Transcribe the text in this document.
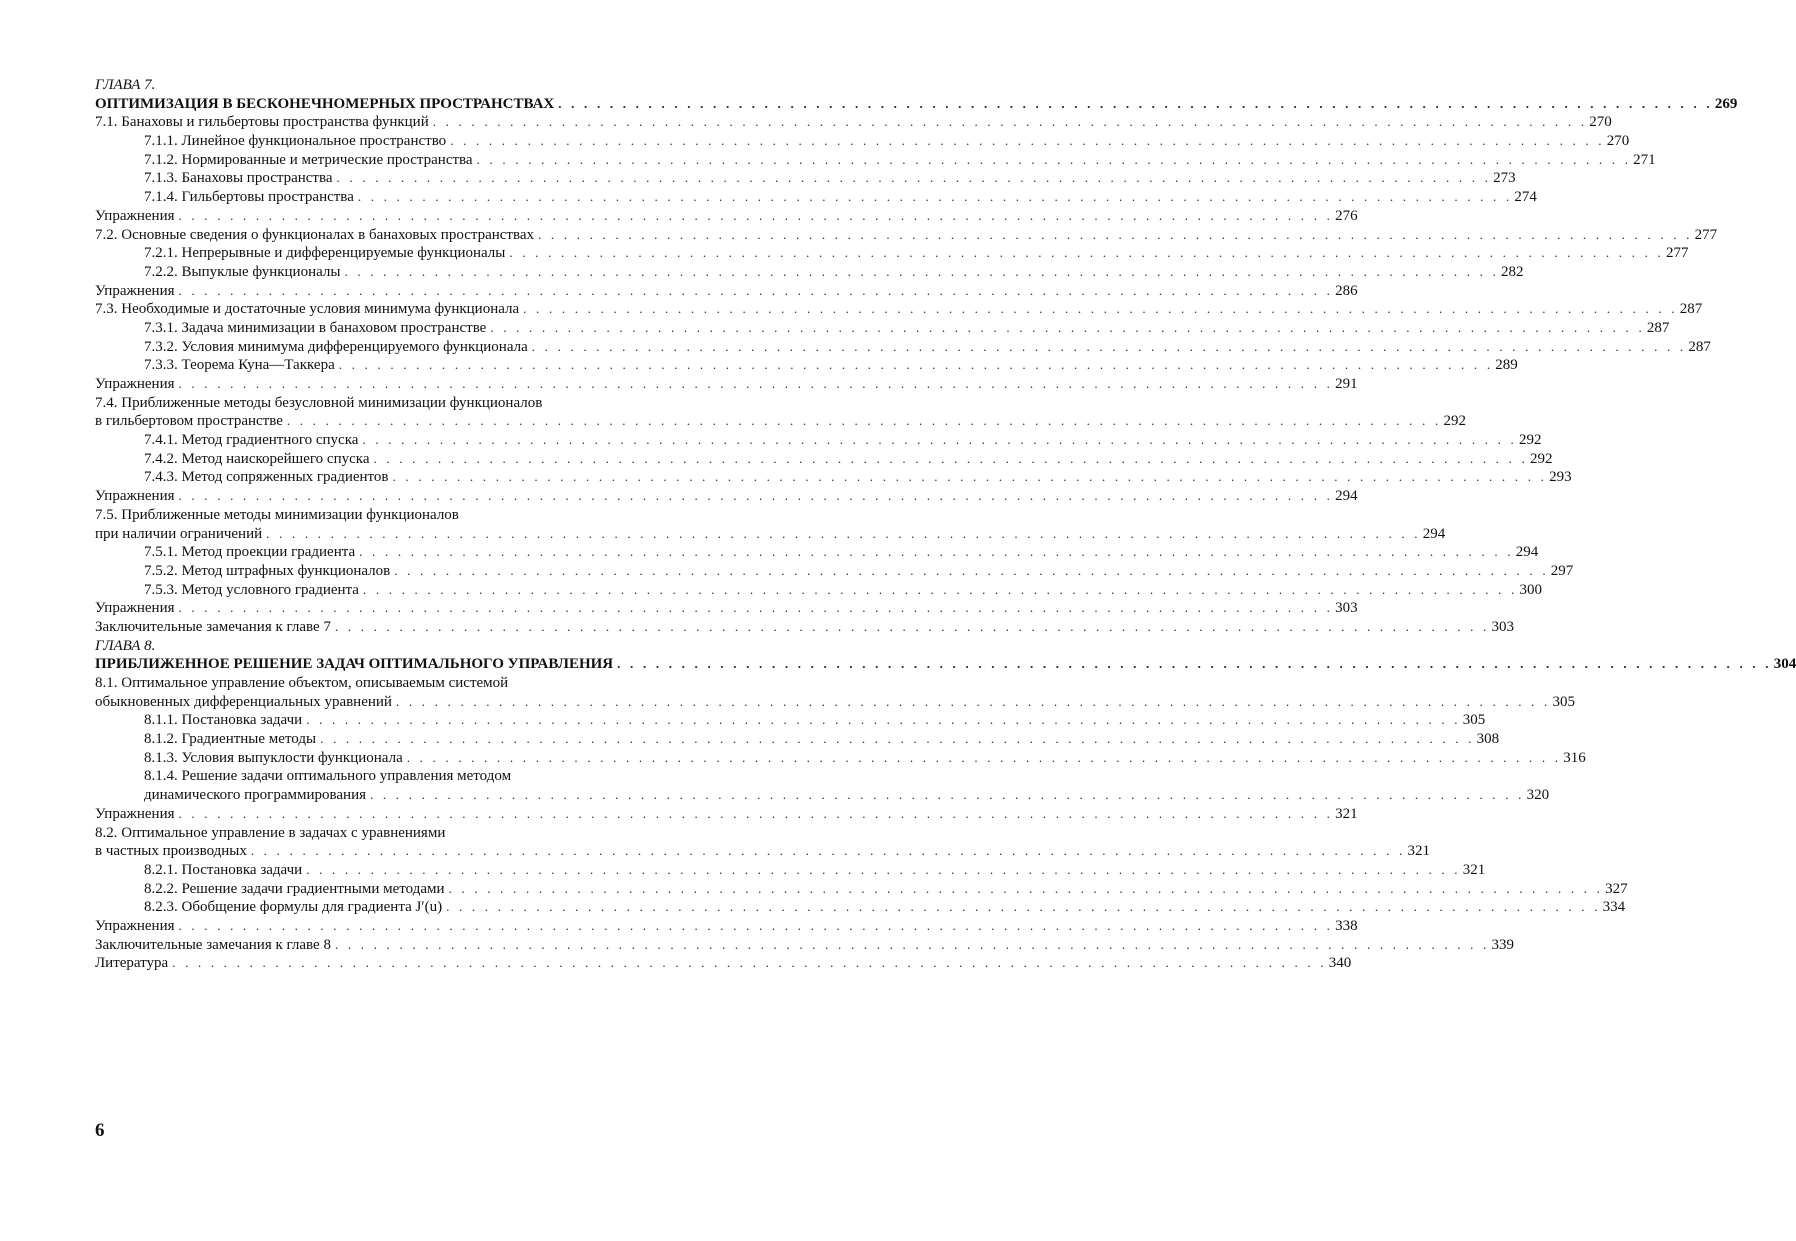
ГЛАВА 7.
ОПТИМИЗАЦИЯ В БЕСКОНЕЧНОМЕРНЫХ ПРОСТРАНСТВАХ . . . . . . . . . . . . . . . . . . . . . . . . . . . . . . . . . . . . . . . . . . . . . . . . . . . . . . . . . . . . . . . . . . . . . . . . . . . . . . . . . . . . . . . . . . 269
7.1. Банаховы и гильбертовы пространства функций . . . . . . . . . . . . . . . . . . . . . . . . . . . . . . . . . . . . . . . . . . . . . . . . . . . . . . . . . . . . . . . . . . . . . . . . . . . . . . . . . . . . . . . . . . 270
7.1.1. Линейное функциональное пространство . . . . . . . . . . . . . . . . . . . . . . . . . . . . . . . . . . . . . . . . . . . . . . . . . . . . . . . . . . . . . . . . . . . . . . . . . . . . . . . . . . . . . . . . . . 270
7.1.2. Нормированные и метрические пространства . . . . . . . . . . . . . . . . . . . . . . . . . . . . . . . . . . . . . . . . . . . . . . . . . . . . . . . . . . . . . . . . . . . . . . . . . . . . . . . . . . . . . . . . . . 271
7.1.3. Банаховы пространства . . . . . . . . . . . . . . . . . . . . . . . . . . . . . . . . . . . . . . . . . . . . . . . . . . . . . . . . . . . . . . . . . . . . . . . . . . . . . . . . . . . . . . . . . . 273
7.1.4. Гильбертовы пространства . . . . . . . . . . . . . . . . . . . . . . . . . . . . . . . . . . . . . . . . . . . . . . . . . . . . . . . . . . . . . . . . . . . . . . . . . . . . . . . . . . . . . . . . . . 274
Упражнения . . . . . . . . . . . . . . . . . . . . . . . . . . . . . . . . . . . . . . . . . . . . . . . . . . . . . . . . . . . . . . . . . . . . . . . . . . . . . . . . . . . . . . . . . . 276
7.2. Основные сведения о функционалах в банаховых пространствах . . . . . . . . . . . . . . . . . . . . . . . . . . . . . . . . . . . . . . . . . . . . . . . . . . . . . . . . . . . . . . . . . . . . . . . . . . . . . . . . . . . . . . . . . . 277
7.2.1. Непрерывные и дифференцируемые функционалы . . . . . . . . . . . . . . . . . . . . . . . . . . . . . . . . . . . . . . . . . . . . . . . . . . . . . . . . . . . . . . . . . . . . . . . . . . . . . . . . . . . . . . . . . . 277
7.2.2. Выпуклые функционалы . . . . . . . . . . . . . . . . . . . . . . . . . . . . . . . . . . . . . . . . . . . . . . . . . . . . . . . . . . . . . . . . . . . . . . . . . . . . . . . . . . . . . . . . . . 282
Упражнения . . . . . . . . . . . . . . . . . . . . . . . . . . . . . . . . . . . . . . . . . . . . . . . . . . . . . . . . . . . . . . . . . . . . . . . . . . . . . . . . . . . . . . . . . . 286
7.3. Необходимые и достаточные условия минимума функционала . . . . . . . . . . . . . . . . . . . . . . . . . . . . . . . . . . . . . . . . . . . . . . . . . . . . . . . . . . . . . . . . . . . . . . . . . . . . . . . . . . . . . . . . . . 287
7.3.1. Задача минимизации в банаховом пространстве . . . . . . . . . . . . . . . . . . . . . . . . . . . . . . . . . . . . . . . . . . . . . . . . . . . . . . . . . . . . . . . . . . . . . . . . . . . . . . . . . . . . . . . . . . 287
7.3.2. Условия минимума дифференцируемого функционала . . . . . . . . . . . . . . . . . . . . . . . . . . . . . . . . . . . . . . . . . . . . . . . . . . . . . . . . . . . . . . . . . . . . . . . . . . . . . . . . . . . . . . . . . . 287
7.3.3. Теорема Куна—Таккера . . . . . . . . . . . . . . . . . . . . . . . . . . . . . . . . . . . . . . . . . . . . . . . . . . . . . . . . . . . . . . . . . . . . . . . . . . . . . . . . . . . . . . . . . . 289
Упражнения . . . . . . . . . . . . . . . . . . . . . . . . . . . . . . . . . . . . . . . . . . . . . . . . . . . . . . . . . . . . . . . . . . . . . . . . . . . . . . . . . . . . . . . . . . 291
7.4. Приближенные методы безусловной минимизации функционалов
в гильбертовом пространстве . . . . . . . . . . . . . . . . . . . . . . . . . . . . . . . . . . . . . . . . . . . . . . . . . . . . . . . . . . . . . . . . . . . . . . . . . . . . . . . . . . . . . . . . . . 292
7.4.1. Метод градиентного спуска . . . . . . . . . . . . . . . . . . . . . . . . . . . . . . . . . . . . . . . . . . . . . . . . . . . . . . . . . . . . . . . . . . . . . . . . . . . . . . . . . . . . . . . . . . 292
7.4.2. Метод наискорейшего спуска . . . . . . . . . . . . . . . . . . . . . . . . . . . . . . . . . . . . . . . . . . . . . . . . . . . . . . . . . . . . . . . . . . . . . . . . . . . . . . . . . . . . . . . . . . 292
7.4.3. Метод сопряженных градиентов . . . . . . . . . . . . . . . . . . . . . . . . . . . . . . . . . . . . . . . . . . . . . . . . . . . . . . . . . . . . . . . . . . . . . . . . . . . . . . . . . . . . . . . . . . 293
Упражнения . . . . . . . . . . . . . . . . . . . . . . . . . . . . . . . . . . . . . . . . . . . . . . . . . . . . . . . . . . . . . . . . . . . . . . . . . . . . . . . . . . . . . . . . . . 294
7.5. Приближенные методы минимизации функционалов
при наличии ограничений . . . . . . . . . . . . . . . . . . . . . . . . . . . . . . . . . . . . . . . . . . . . . . . . . . . . . . . . . . . . . . . . . . . . . . . . . . . . . . . . . . . . . . . . . . 294
7.5.1. Метод проекции градиента . . . . . . . . . . . . . . . . . . . . . . . . . . . . . . . . . . . . . . . . . . . . . . . . . . . . . . . . . . . . . . . . . . . . . . . . . . . . . . . . . . . . . . . . . . 294
7.5.2. Метод штрафных функционалов . . . . . . . . . . . . . . . . . . . . . . . . . . . . . . . . . . . . . . . . . . . . . . . . . . . . . . . . . . . . . . . . . . . . . . . . . . . . . . . . . . . . . . . . . . 297
7.5.3. Метод условного градиента . . . . . . . . . . . . . . . . . . . . . . . . . . . . . . . . . . . . . . . . . . . . . . . . . . . . . . . . . . . . . . . . . . . . . . . . . . . . . . . . . . . . . . . . . . 300
Упражнения . . . . . . . . . . . . . . . . . . . . . . . . . . . . . . . . . . . . . . . . . . . . . . . . . . . . . . . . . . . . . . . . . . . . . . . . . . . . . . . . . . . . . . . . . . 303
Заключительные замечания к главе 7 . . . . . . . . . . . . . . . . . . . . . . . . . . . . . . . . . . . . . . . . . . . . . . . . . . . . . . . . . . . . . . . . . . . . . . . . . . . . . . . . . . . . . . . . . . 303
ГЛАВА 8.
ПРИБЛИЖЕННОЕ РЕШЕНИЕ ЗАДАЧ ОПТИМАЛЬНОГО УПРАВЛЕНИЯ . . . . . . . . . . . . . . . . . . . . . . . . . . . . . . . . . . . . . . . . . . . . . . . . . . . . . . . . . . . . . . . . . . . . . . . . . . . . . . . . . . . . . . . . . . 304
8.1. Оптимальное управление объектом, описываемым системой
обыкновенных дифференциальных уравнений . . . . . . . . . . . . . . . . . . . . . . . . . . . . . . . . . . . . . . . . . . . . . . . . . . . . . . . . . . . . . . . . . . . . . . . . . . . . . . . . . . . . . . . . . . 305
8.1.1. Постановка задачи . . . . . . . . . . . . . . . . . . . . . . . . . . . . . . . . . . . . . . . . . . . . . . . . . . . . . . . . . . . . . . . . . . . . . . . . . . . . . . . . . . . . . . . . . . 305
8.1.2. Градиентные методы . . . . . . . . . . . . . . . . . . . . . . . . . . . . . . . . . . . . . . . . . . . . . . . . . . . . . . . . . . . . . . . . . . . . . . . . . . . . . . . . . . . . . . . . . . 308
8.1.3. Условия выпуклости функционала . . . . . . . . . . . . . . . . . . . . . . . . . . . . . . . . . . . . . . . . . . . . . . . . . . . . . . . . . . . . . . . . . . . . . . . . . . . . . . . . . . . . . . . . . . 316
8.1.4. Решение задачи оптимального управления методом
динамического программирования . . . . . . . . . . . . . . . . . . . . . . . . . . . . . . . . . . . . . . . . . . . . . . . . . . . . . . . . . . . . . . . . . . . . . . . . . . . . . . . . . . . . . . . . . . 320
Упражнения . . . . . . . . . . . . . . . . . . . . . . . . . . . . . . . . . . . . . . . . . . . . . . . . . . . . . . . . . . . . . . . . . . . . . . . . . . . . . . . . . . . . . . . . . . 321
8.2. Оптимальное управление в задачах с уравнениями
в частных производных . . . . . . . . . . . . . . . . . . . . . . . . . . . . . . . . . . . . . . . . . . . . . . . . . . . . . . . . . . . . . . . . . . . . . . . . . . . . . . . . . . . . . . . . . . 321
8.2.1. Постановка задачи . . . . . . . . . . . . . . . . . . . . . . . . . . . . . . . . . . . . . . . . . . . . . . . . . . . . . . . . . . . . . . . . . . . . . . . . . . . . . . . . . . . . . . . . . . 321
8.2.2. Решение задачи градиентными методами . . . . . . . . . . . . . . . . . . . . . . . . . . . . . . . . . . . . . . . . . . . . . . . . . . . . . . . . . . . . . . . . . . . . . . . . . . . . . . . . . . . . . . . . . . 327
8.2.3. Обобщение формулы для градиента J′(u) . . . . . . . . . . . . . . . . . . . . . . . . . . . . . . . . . . . . . . . . . . . . . . . . . . . . . . . . . . . . . . . . . . . . . . . . . . . . . . . . . . . . . . . . . . 334
Упражнения . . . . . . . . . . . . . . . . . . . . . . . . . . . . . . . . . . . . . . . . . . . . . . . . . . . . . . . . . . . . . . . . . . . . . . . . . . . . . . . . . . . . . . . . . . 338
Заключительные замечания к главе 8 . . . . . . . . . . . . . . . . . . . . . . . . . . . . . . . . . . . . . . . . . . . . . . . . . . . . . . . . . . . . . . . . . . . . . . . . . . . . . . . . . . . . . . . . . . 339
Литература . . . . . . . . . . . . . . . . . . . . . . . . . . . . . . . . . . . . . . . . . . . . . . . . . . . . . . . . . . . . . . . . . . . . . . . . . . . . . . . . . . . . . . . . . . 340
6
